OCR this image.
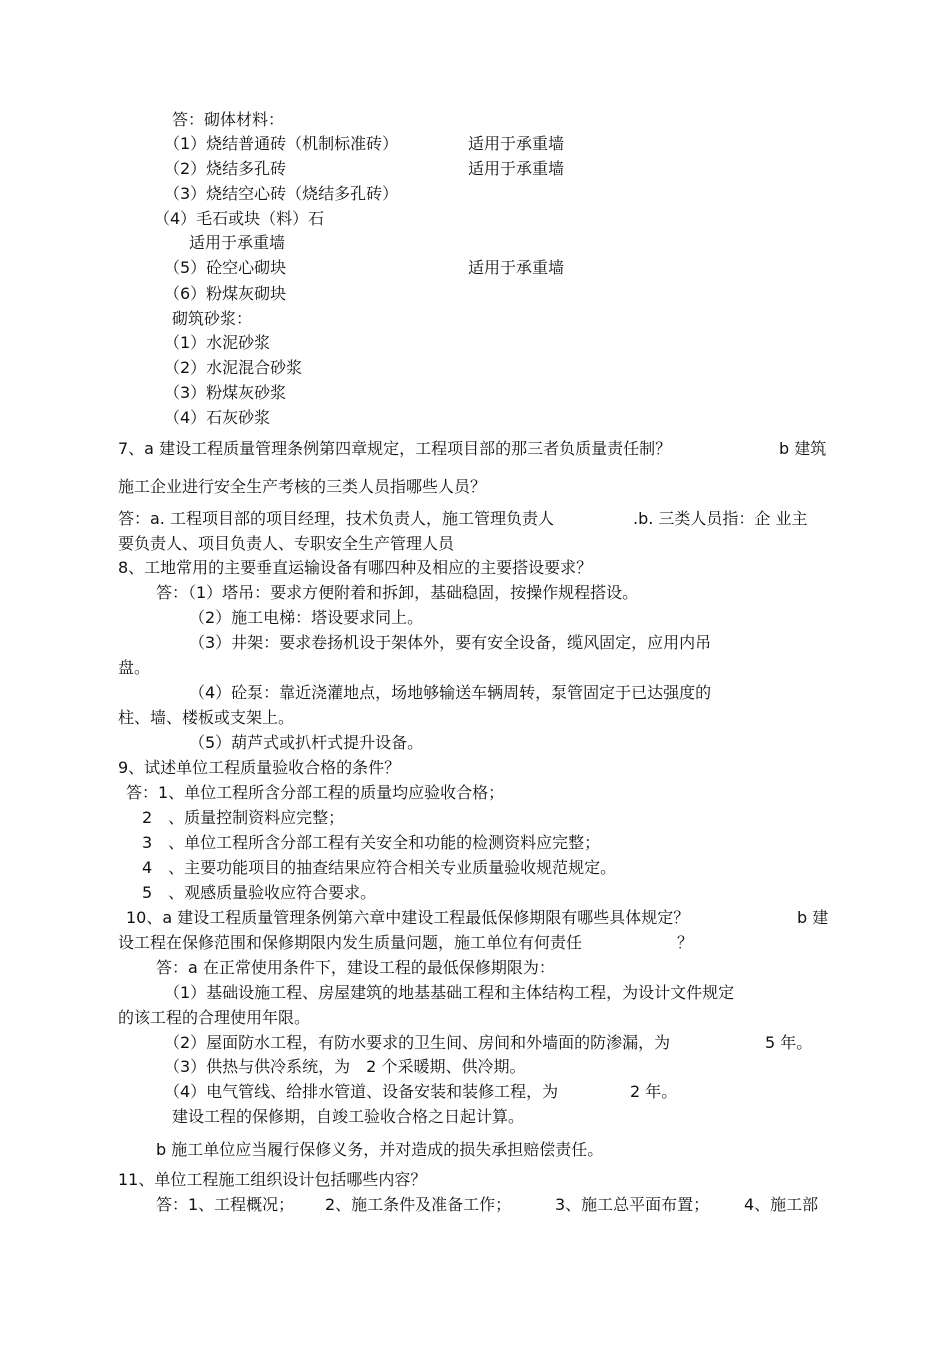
答：砌体材料：
（1）烧结普通砖（机制标准砖）	适用于承重墙
（2）烧结多孔砖	适用于承重墙
（3）烧结空心砖（烧结多孔砖）
（4）毛石或块（料）石
适用于承重墙
（5）砼空心砌块	适用于承重墙
（6）粉煤灰砌块
砌筑砂浆：
（1）水泥砂浆
（2）水泥混合砂浆
（3）粉煤灰砂浆
（4）石灰砂浆
7、a 建设工程质量管理条例第四章规定，工程项目部的那三者负质量责任制？	b 建筑
施工企业进行安全生产考核的三类人员指哪些人员？
答：a. 工程项目部的项目经理，技术负责人，施工管理负责人	.b. 三类人员指：企 业主
要负责人、项目负责人、专职安全生产管理人员
8、工地常用的主要垂直运输设备有哪四种及相应的主要搭设要求？
答：（1）塔吊：要求方便附着和拆卸，基础稳固，按操作规程搭设。
（2）施工电梯：塔设要求同上。
（3）井架：要求卷扬机设于架体外，要有安全设备，缆风固定，应用内吊
盘。
（4）砼泵：靠近浇灌地点，场地够输送车辆周转，泵管固定于已达强度的
柱、墙、楼板或支架上。
（5）葫芦式或扒杆式提升设备。
9、试述单位工程质量验收合格的条件？
答：1、单位工程所含分部工程的质量均应验收合格；
2　、质量控制资料应完整；
3　、单位工程所含分部工程有关安全和功能的检测资料应完整；
4　、主要功能项目的抽查结果应符合相关专业质量验收规范规定。
5　、观感质量验收应符合要求。
10、a 建设工程质量管理条例第六章中建设工程最低保修期限有哪些具体规定？	b 建
设工程在保修范围和保修期限内发生质量问题，施工单位有何责任	？
答：a 在正常使用条件下，建设工程的最低保修期限为：
（1）基础设施工程、房屋建筑的地基基础工程和主体结构工程，为设计文件规定
的该工程的合理使用年限。
（2）屋面防水工程，有防水要求的卫生间、房间和外墙面的防渗漏，为	5 年。
（3）供热与供冷系统，为　2 个采暖期、供冷期。
（4）电气管线、给排水管道、设备安装和装修工程，为	2 年。
建设工程的保修期，自竣工验收合格之日起计算。
b 施工单位应当履行保修义务，并对造成的损失承担赔偿责任。
11、单位工程施工组织设计包括哪些内容？
答：1、工程概况； 2、施工条件及准备工作；	3、施工总平面布置； 4、施工部
